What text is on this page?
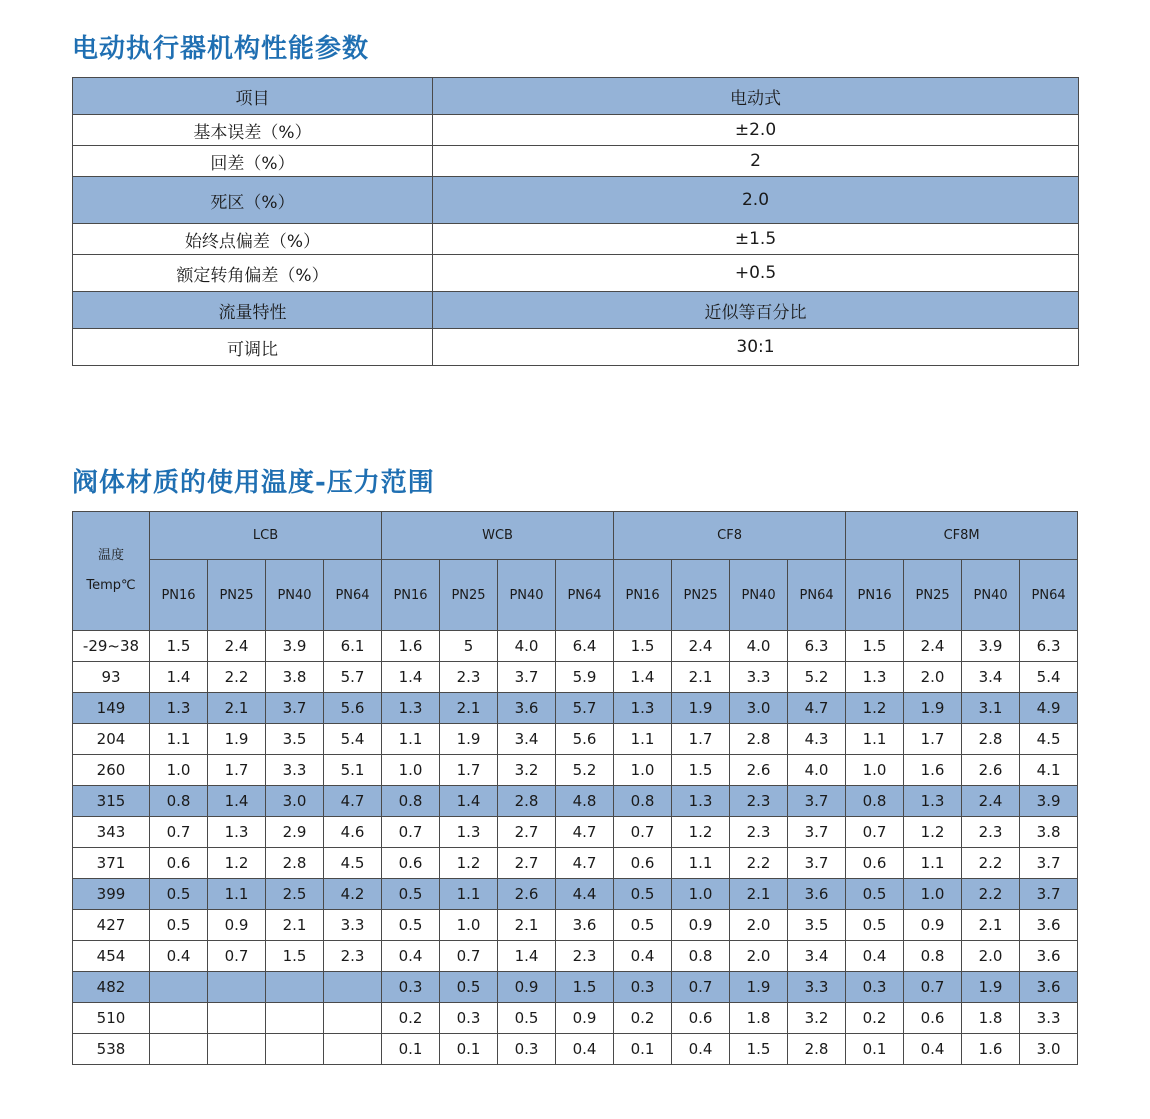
电动执行器机构性能参数
项目	电动式
基本误差（%）	±2.0
回差（%）	2
死区（%）	2.0
始终点偏差（%）	±1.5
额定转角偏差（%）	+0.5
流量特性	近似等百分比
可调比	30:1
阀体材质的使用温度-压力范围
温度
Temp℃	LCB				WCB				CF8				CF8M			
	PN16	PN25	PN40	PN64	PN16	PN25	PN40	PN64	PN16	PN25	PN40	PN64	PN16	PN25	PN40	PN64
-29~38	1.5	2.4	3.9	6.1	1.6	5	4.0	6.4	1.5	2.4	4.0	6.3	1.5	2.4	3.9	6.3
93	1.4	2.2	3.8	5.7	1.4	2.3	3.7	5.9	1.4	2.1	3.3	5.2	1.3	2.0	3.4	5.4
149	1.3	2.1	3.7	5.6	1.3	2.1	3.6	5.7	1.3	1.9	3.0	4.7	1.2	1.9	3.1	4.9
204	1.1	1.9	3.5	5.4	1.1	1.9	3.4	5.6	1.1	1.7	2.8	4.3	1.1	1.7	2.8	4.5
260	1.0	1.7	3.3	5.1	1.0	1.7	3.2	5.2	1.0	1.5	2.6	4.0	1.0	1.6	2.6	4.1
315	0.8	1.4	3.0	4.7	0.8	1.4	2.8	4.8	0.8	1.3	2.3	3.7	0.8	1.3	2.4	3.9
343	0.7	1.3	2.9	4.6	0.7	1.3	2.7	4.7	0.7	1.2	2.3	3.7	0.7	1.2	2.3	3.8
371	0.6	1.2	2.8	4.5	0.6	1.2	2.7	4.7	0.6	1.1	2.2	3.7	0.6	1.1	2.2	3.7
399	0.5	1.1	2.5	4.2	0.5	1.1	2.6	4.4	0.5	1.0	2.1	3.6	0.5	1.0	2.2	3.7
427	0.5	0.9	2.1	3.3	0.5	1.0	2.1	3.6	0.5	0.9	2.0	3.5	0.5	0.9	2.1	3.6
454	0.4	0.7	1.5	2.3	0.4	0.7	1.4	2.3	0.4	0.8	2.0	3.4	0.4	0.8	2.0	3.6
482					0.3	0.5	0.9	1.5	0.3	0.7	1.9	3.3	0.3	0.7	1.9	3.6
510					0.2	0.3	0.5	0.9	0.2	0.6	1.8	3.2	0.2	0.6	1.8	3.3
538					0.1	0.1	0.3	0.4	0.1	0.4	1.5	2.8	0.1	0.4	1.6	3.0
